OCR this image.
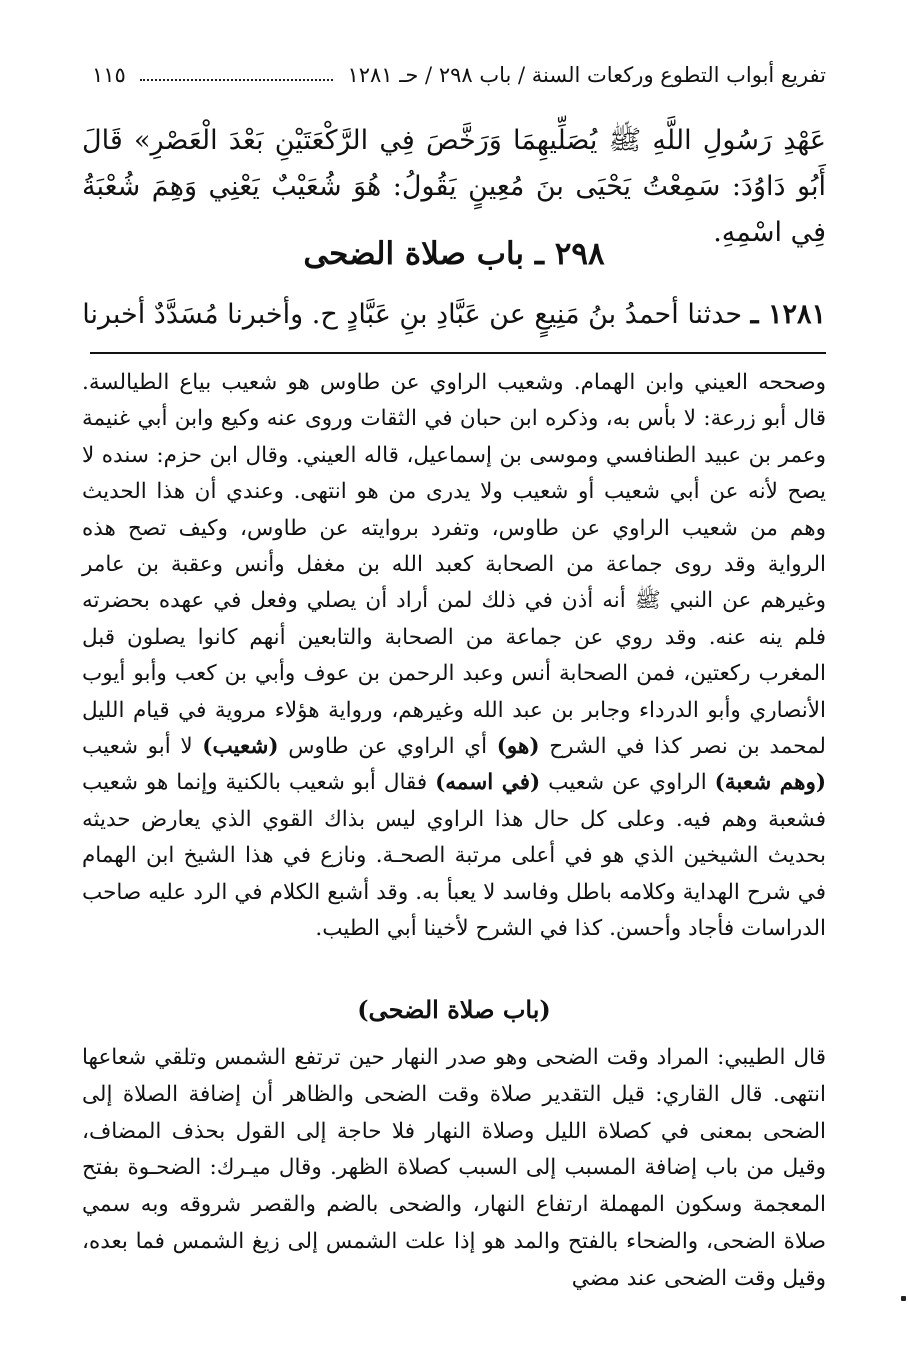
تفريع أبواب التطوع وركعات السنة / باب ٢٩٨ / حـ ١٢٨١
١١٥

عَهْدِ رَسُولِ اللَّهِ ﷺ يُصَلِّيهِمَا وَرَخَّصَ فِي الرَّكْعَتَيْنِ بَعْدَ الْعَصْرِ» قَالَ أَبُو دَاوُدَ: سَمِعْتُ يَحْيَى بنَ مُعِينٍ يَقُولُ: هُوَ شُعَيْبٌ يَعْنِي وَهِمَ شُعْبَةُ فِي اسْمِهِ.

٢٩٨ ـ باب صلاة الضحى
١٢٨١ ـ حدثنا أحمدُ بنُ مَنِيعٍ عن عَبَّادِ بنِ عَبَّادٍ ح. وأخبرنا مُسَدَّدٌ أخبرنا

وصححه العيني وابن الهمام. وشعيب الراوي عن طاوس هو شعيب بياع الطيالسة. قال أبو زرعة: لا بأس به، وذكره ابن حبان في الثقات وروى عنه وكيع وابن أبي غنيمة وعمر بن عبيد الطنافسي وموسى بن إسماعيل، قاله العيني. وقال ابن حزم: سنده لا يصح لأنه عن أبي شعيب أو شعيب ولا يدرى من هو انتهى. وعندي أن هذا الحديث وهم من شعيب الراوي عن طاوس، وتفرد بروايته عن طاوس، وكيف تصح هذه الرواية وقد روى جماعة من الصحابة كعبد الله بن مغفل وأنس وعقبة بن عامر وغيرهم عن النبي ﷺ أنه أذن في ذلك لمن أراد أن يصلي وفعل في عهده بحضرته فلم ينه عنه. وقد روي عن جماعة من الصحابة والتابعين أنهم كانوا يصلون قبل المغرب ركعتين، فمن الصحابة أنس وعبد الرحمن بن عوف وأبي بن كعب وأبو أيوب الأنصاري وأبو الدرداء وجابر بن عبد الله وغيرهم، ورواية هؤلاء مروية في قيام الليل لمحمد بن نصر كذا في الشرح (هو) أي الراوي عن طاوس (شعيب) لا أبو شعيب (وهم شعبة) الراوي عن شعيب (في اسمه) فقال أبو شعيب بالكنية وإنما هو شعيب فشعبة وهم فيه. وعلى كل حال هذا الراوي ليس بذاك القوي الذي يعارض حديثه بحديث الشيخين الذي هو في أعلى مرتبة الصحـة. ونازع في هذا الشيخ ابن الهمام في شرح الهداية وكلامه باطل وفاسد لا يعبأ به. وقد أشبع الكلام في الرد عليه صاحب الدراسات فأجاد وأحسن. كذا في الشرح لأخينا أبي الطيب.

(باب صلاة الضحى)

قال الطيبي: المراد وقت الضحى وهو صدر النهار حين ترتفع الشمس وتلقي شعاعها انتهى. قال القاري: قيل التقدير صلاة وقت الضحى والظاهر أن إضافة الصلاة إلى الضحى بمعنى في كصلاة الليل وصلاة النهار فلا حاجة إلى القول بحذف المضاف، وقيل من باب إضافة المسبب إلى السبب كصلاة الظهر. وقال ميـرك: الضحـوة بفتح المعجمة وسكون المهملة ارتفاع النهار، والضحى بالضم والقصر شروقه وبه سمي صلاة الضحى، والضحاء بالفتح والمد هو إذا علت الشمس إلى زيغ الشمس فما بعده، وقيل وقت الضحى عند مضي
